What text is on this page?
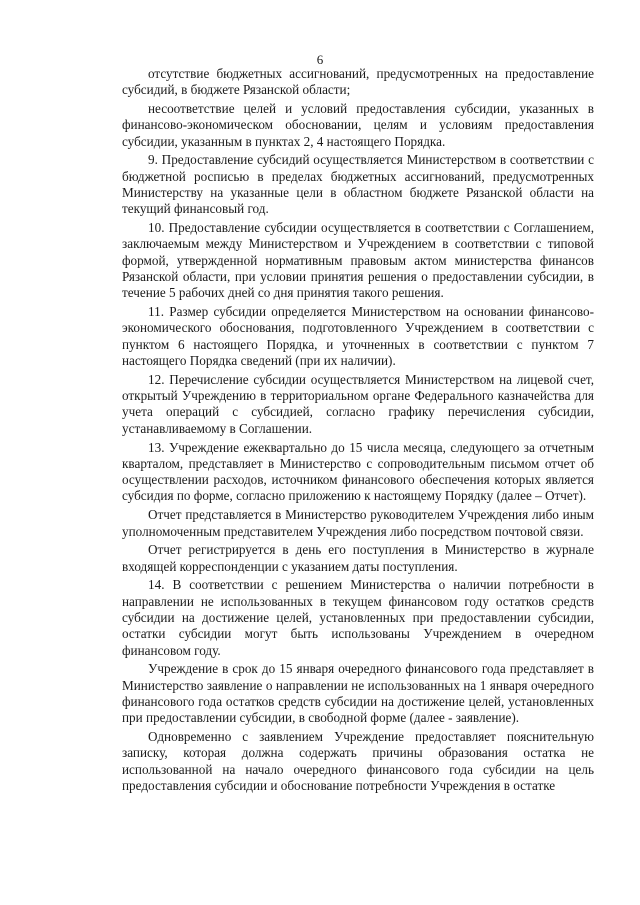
6

отсутствие бюджетных ассигнований, предусмотренных на предоставление субсидий, в бюджете Рязанской области;

несоответствие целей и условий предоставления субсидии, указанных в финансово-экономическом обосновании, целям и условиям предоставления субсидии, указанным в пунктах 2, 4 настоящего Порядка.

9. Предоставление субсидий осуществляется Министерством в соответствии с бюджетной росписью в пределах бюджетных ассигнований, предусмотренных Министерству на указанные цели в областном бюджете Рязанской области на текущий финансовый год.

10. Предоставление субсидии осуществляется в соответствии с Соглашением, заключаемым между Министерством и Учреждением в соответствии с типовой формой, утвержденной нормативным правовым актом министерства финансов Рязанской области, при условии принятия решения о предоставлении субсидии, в течение 5 рабочих дней со дня принятия такого решения.

11. Размер субсидии определяется Министерством на основании финансово-экономического обоснования, подготовленного Учреждением в соответствии с пунктом 6 настоящего Порядка, и уточненных в соответствии с пунктом 7 настоящего Порядка сведений (при их наличии).

12. Перечисление субсидии осуществляется Министерством на лицевой счет, открытый Учреждению в территориальном органе Федерального казначейства для учета операций с субсидией, согласно графику перечисления субсидии, устанавливаемому в Соглашении.

13. Учреждение ежеквартально до 15 числа месяца, следующего за отчетным кварталом, представляет в Министерство с сопроводительным письмом отчет об осуществлении расходов, источником финансового обеспечения которых является субсидия по форме, согласно приложению к настоящему Порядку (далее – Отчет).

Отчет представляется в Министерство руководителем Учреждения либо иным уполномоченным представителем Учреждения либо посредством почтовой связи.

Отчет регистрируется в день его поступления в Министерство в журнале входящей корреспонденции с указанием даты поступления.

14. В соответствии с решением Министерства о наличии потребности в направлении не использованных в текущем финансовом году остатков средств субсидии на достижение целей, установленных при предоставлении субсидии, остатки субсидии могут быть использованы Учреждением в очередном финансовом году.

Учреждение в срок до 15 января очередного финансового года представляет в Министерство заявление о направлении не использованных на 1 января очередного финансового года остатков средств субсидии на достижение целей, установленных при предоставлении субсидии, в свободной форме (далее - заявление).

Одновременно с заявлением Учреждение предоставляет пояснительную записку, которая должна содержать причины образования остатка не использованной на начало очередного финансового года субсидии на цель предоставления субсидии и обоснование потребности Учреждения в остатке
